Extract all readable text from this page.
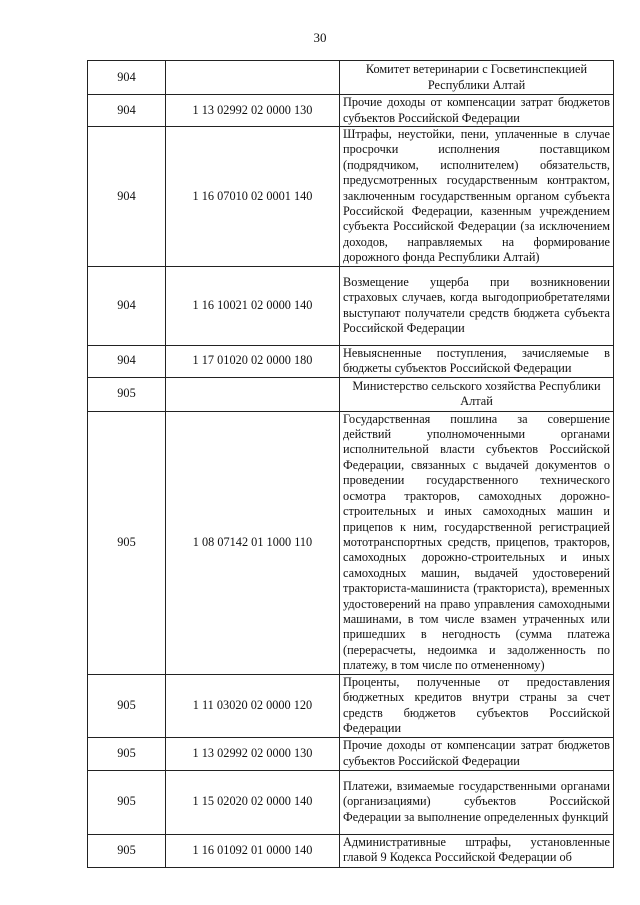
30
904		Комитет ветеринарии с Госветинспекцией Республики Алтай
904	1 13 02992 02 0000 130	Прочие доходы от компенсации затрат бюджетов субъектов Российской Федерации
904	1 16 07010 02 0001 140	Штрафы, неустойки, пени, уплаченные в случае просрочки исполнения поставщиком (подрядчиком, исполнителем) обязательств, предусмотренных государственным контрактом, заключенным государственным органом субъекта Российской Федерации, казенным учреждением субъекта Российской Федерации (за исключением доходов, направляемых на формирование дорожного фонда Республики Алтай)
904	1 16 10021 02 0000 140	Возмещение ущерба при возникновении страховых случаев, когда выгодоприобретателями выступают получатели средств бюджета субъекта Российской Федерации
904	1 17 01020 02 0000 180	Невыясненные поступления, зачисляемые в бюджеты субъектов Российской Федерации
905		Министерство сельского хозяйства Республики Алтай
905	1 08 07142 01 1000 110	Государственная пошлина за совершение действий уполномоченными органами исполнительной власти субъектов Российской Федерации, связанных с выдачей документов о проведении государственного технического осмотра тракторов, самоходных дорожно-строительных и иных самоходных машин и прицепов к ним, государственной регистрацией мототранспортных средств, прицепов, тракторов, самоходных дорожно-строительных и иных самоходных машин, выдачей удостоверений тракториста-машиниста (тракториста), временных удостоверений на право управления самоходными машинами, в том числе взамен утраченных или пришедших в негодность (сумма платежа (перерасчеты, недоимка и задолженность по платежу, в том числе по отмененному)
905	1 11 03020 02 0000 120	Проценты, полученные от предоставления бюджетных кредитов внутри страны за счет средств бюджетов субъектов Российской Федерации
905	1 13 02992 02 0000 130	Прочие доходы от компенсации затрат бюджетов субъектов Российской Федерации
905	1 15 02020 02 0000 140	Платежи, взимаемые государственными органами (организациями) субъектов Российской Федерации за выполнение определенных функций
905	1 16 01092 01 0000 140	Административные штрафы, установленные главой 9 Кодекса Российской Федерации об
